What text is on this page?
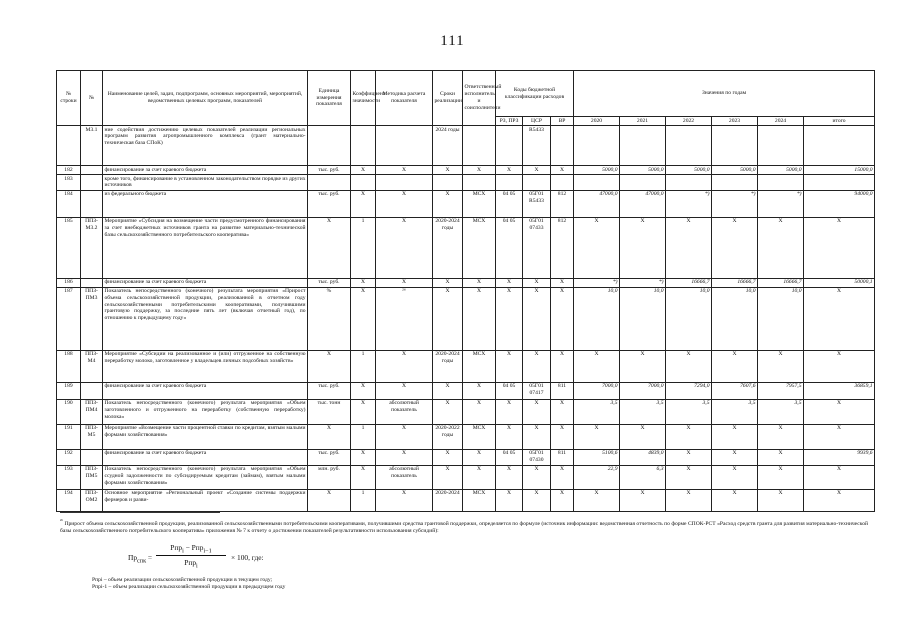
111
№ строки	№	Наименование целей, задач, подпрограмм, основных мероприятий, мероприятий, ведомственных целевых программ, показателей	Единица измерения показателя	Коэффициент значимости	Методика расчета показателя	Сроки реализации	Ответственный исполнитель и соисполнители	Коды бюджетной классификации расходов			Значения по годам					
								РЗ, ПРЗ	ЦСР	ВР	2020	2021	2022	2023	2024	итого
	М3.1	ние содействия достижению целевых показателей реализации региональных программ развития агропромышленного комплекса (грант материально-техническая база СПоК)				2024 годы			R5433							
182		финансирование за счет краевого бюджета	тыс. руб.	Х	Х	Х	Х	Х	Х	Х	5000,0	5000,0	5000,0	5000,0	5000,0	15000,0
183		кроме того, финансирование в установленном законодательством порядке из других источников														
184		из федерального бюджета	тыс. руб.	Х	Х	Х	МСХ	04 05	05Г01 R5433	812	47000,0	47000,0	*)	*)	*)	94000,0
185	ППЗ-М3.2	Мероприятие «Субсидия на возмещение части предусмотренного финансирования за счет внебюджетных источников гранта на развитие материально-технической базы сельскохозяйственного потребительского кооператива»	Х	1	Х	2020-2024 годы	МСХ	04 05	05Г01 07433	812	Х	Х	Х	Х	Х	Х
186		финансирование за счет краевого бюджета	тыс. руб.	Х	Х	Х	Х	Х	Х	Х	*)	*)	16666,7	16666,7	16666,7	50000,1
187	ППЗ-ПМ3	Показатель непосредственного (конечного) результата мероприятия «Прирост объема сельскохозяйственной продукции, реализованной в отчетном году сельскохозяйственными потребительскими кооперативами, получившими грантовую поддержку, за последние пять лет (включая отчетный год), по отношению к предыдущему году»	%	Х	²⁶	Х	Х	Х	Х	Х	10,0	10,0	10,0	10,0	10,0	Х
188	ППЗ-М4	Мероприятие «Субсидии на реализованное и (или) отгруженное на собственную переработку молоко, заготовленное у владельцев личных подсобных хозяйств»	Х	1	Х	2020-2024 годы	МСХ	Х	Х	Х	Х	Х	Х	Х	Х	Х
189		финансирование за счет краевого бюджета	тыс. руб.	Х	Х	Х	Х	04 05	05Г01 07417	811	7000,0	7000,0	7294,0	7607,6	7957,5	36859,1
190	ППЗ-ПМ4	Показатель непосредственного (конечного) результата мероприятия «Объем заготовленного и отгруженного на переработку (собственную переработку) молока»	тыс. тонн	Х	абсолютный показатель	Х	Х	Х	Х	Х	3,5	3,5	3,5	3,5	3,5	Х
191	ППЗ-М5	Мероприятие «Возмещение части процентной ставки по кредитам, взятым малыми формами хозяйствования»	Х	1	Х	2020-2022 годы	МСХ	Х	Х	Х	Х	Х	Х	Х	Х	Х
192		финансирование за счет краевого бюджета	тыс. руб.	Х	Х	Х	Х	04 05	05Г01 07430	811	5100,6	4839,0	Х	Х	Х	9939,6
193	ППЗ-ПМ5	Показатель непосредственного (конечного) результата мероприятия «Объем ссудной задолженности по субсидируемым кредитам (займам), взятым малыми формами хозяйствования»	млн. руб.	Х	абсолютный показатель	Х	Х	Х	Х	Х	22,9	6,3	Х	Х	Х	Х
194	ППЗ-ОМ2	Основное мероприятие «Региональный проект «Создание системы поддержки фермеров и разви-	Х	1	Х	2020-2024	МСХ	Х	Х	Х	Х	Х	Х	Х	Х	Х
$^{^{26}}$ Прирост объема сельскохозяйственной продукции, реализованной сельскохозяйственными потребительскими кооперативами, получившими средства грантовой поддержки, определяется по формуле (источник информации: ведомственная отчетность по форме СПОК-РСТ «Расход средств гранта для развития материально-технической базы сельскохозяйственного потребительского кооператива» приложения № 7 к отчету о достижении показателей результативности использования субсидий):
$Пр_{спк}$ =
Pпр$_i$ − Pпр$_{i-1}$
Pпр$_i$
× 100, где:
Pпрi – объем реализации сельскохозяйственной продукции в текущем году;
Pпрi-1 – объем реализации сельскохозяйственной продукции в предыдущем году
